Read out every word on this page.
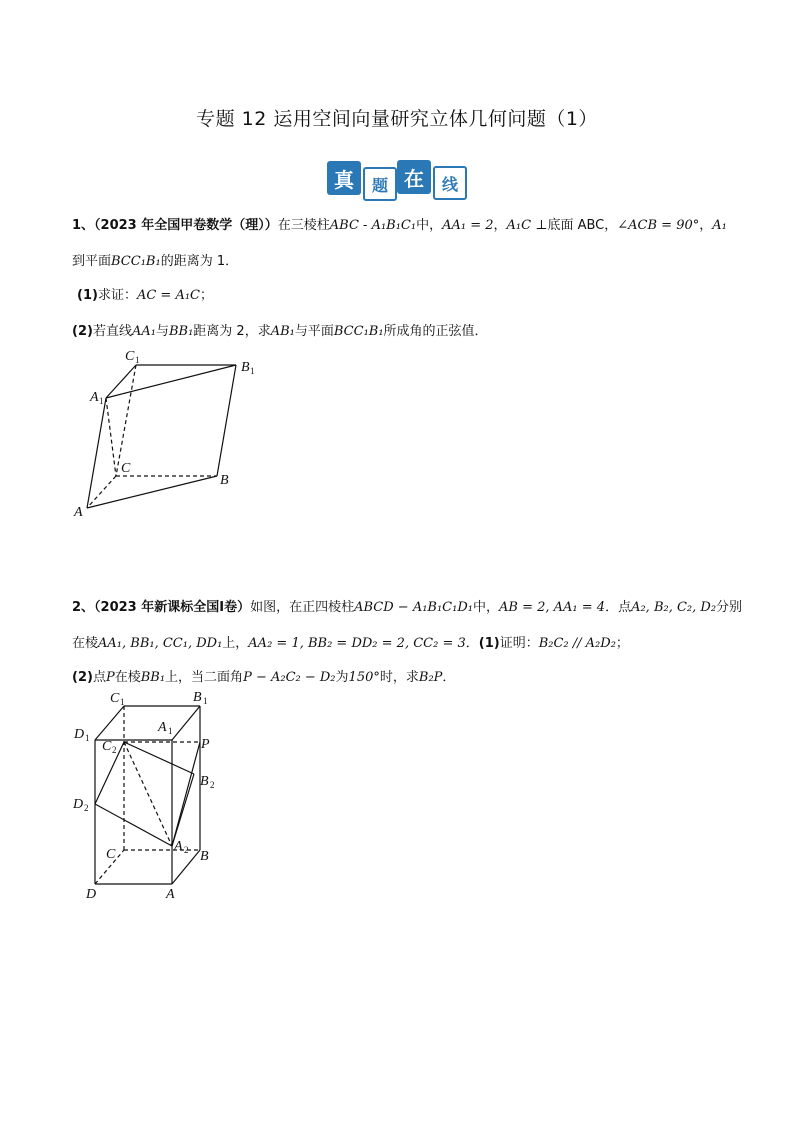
专题 12 运用空间向量研究立体几何问题（1）
真	题 在	线
1、（2023 年全国甲卷数学（理））在三棱柱ABC - A₁B₁C₁中，AA₁ = 2，A₁C ⊥底面 ABC，∠ACB = 90°，A₁
到平面BCC₁B₁的距离为 1．
(1)求证：AC = A₁C；
(2)若直线AA₁与BB₁距离为 2，求AB₁与平面BCC₁B₁所成角的正弦值．
C 1	B 1
A 1
C
B
A
2、（2023 年新课标全国Ⅰ卷）如图，在正四棱柱ABCD − A₁B₁C₁D₁中，AB = 2, AA₁ = 4．点A₂, B₂, C₂, D₂分别
在棱AA₁, BB₁, CC₁, DD₁上，AA₂ = 1, BB₂ = DD₂ = 2, CC₂ = 3．(1)证明：B₂C₂ // A₂D₂；
(2)点P在棱BB₁上，当二面角P − A₂C₂ − D₂为150°时，求B₂P．
C 1	B 1
A 1
D 1
C 2	P
B 2
D 2
A 2
C	B
D	A
